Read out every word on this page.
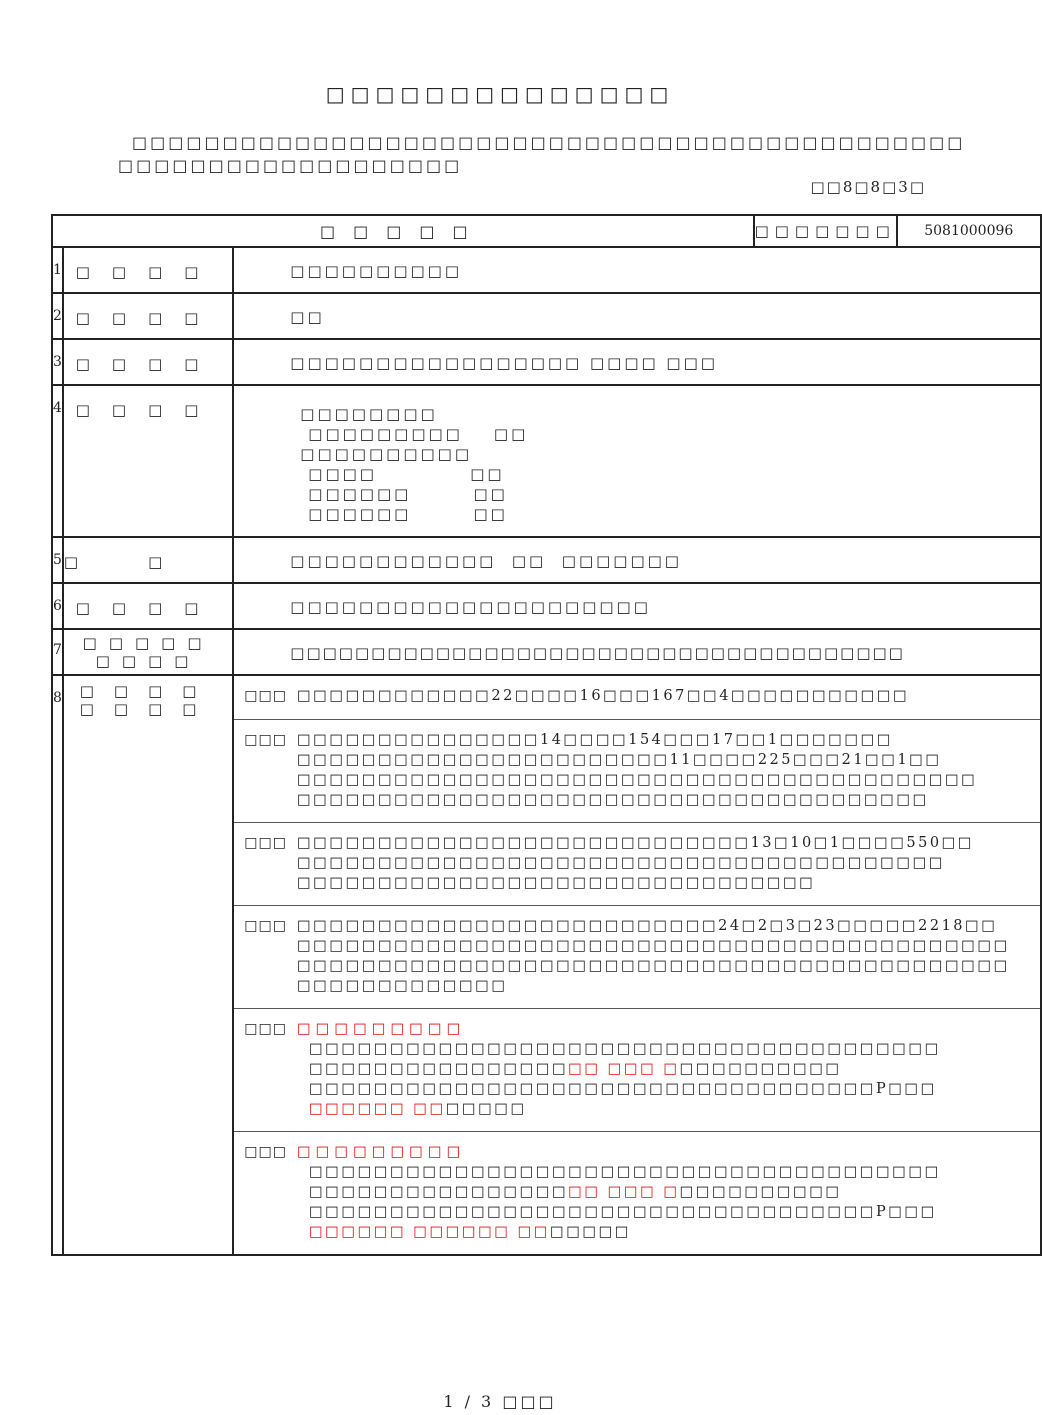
□□□□□□□□□□□□□□
□□□□□□□□□□□□□□□□□□□□□□□□□□□□□□□□□□□□□□□□□□□□□□
□□□□□□□□□□□□□□□□□□□
□□8□8□3□
□□□□□	□□□□□□□	5081000096

1	□□□□	□□□□□□□□□□
2	□□□□	□□
3	□□□□	□□□□□□□□□□□□□□□□□ □□□□ □□□
4	□□□□	□□□□□□□□
□□□□□□□□□    □□
□□□□□□□□□□
□□□□            □□
□□□□□□        □□
□□□□□□        □□

5	□□	□□□□□□□□□□□□  □□  □□□□□□□
6	□□□□	□□□□□□□□□□□□□□□□□□□□□
7	□□□□□
□□□□	□□□□□□□□□□□□□□□□□□□□□□□□□□□□□□□□□□□□□□
8	□□□□
□□□□

□□□	□□□□□□□□□□□□22□□□□16□□□167□□4□□□□□□□□□□□

□□□	□□□□□□□□□□□□□□□14□□□□154□□□17□□1□□□□□□□
□□□□□□□□□□□□□□□□□□□□□□□11□□□□225□□□21□□1□□
□□□□□□□□□□□□□□□□□□□□□□□□□□□□□□□□□□□□□□□□□□
□□□□□□□□□□□□□□□□□□□□□□□□□□□□□□□□□□□□□□□

□□□	□□□□□□□□□□□□□□□□□□□□□□□□□□□□13□10□1□□□□550□□
□□□□□□□□□□□□□□□□□□□□□□□□□□□□□□□□□□□□□□□□
□□□□□□□□□□□□□□□□□□□□□□□□□□□□□□□□

□□□	□□□□□□□□□□□□□□□□□□□□□□□□□□24□2□3□23□□□□□2218□□
□□□□□□□□□□□□□□□□□□□□□□□□□□□□□□□□□□□□□□□□□□□□
□□□□□□□□□□□□□□□□□□□□□□□□□□□□□□□□□□□□□□□□□□□□
□□□□□□□□□□□□□

□□□	□□□□□□□□□
□□□□□□□□□□□□□□□□□□□□□□□□□□□□□□□□□□□□□□□
□□□□□□□□□□□□□□□□□□ □□□ □□□□□□□□□□□
□□□□□□□□□□□□□□□□□□□□□□□□□□□□□□□□□□□P□□□
□□□□□□ □□□□□□□

□□□	□□□□□□□□□
□□□□□□□□□□□□□□□□□□□□□□□□□□□□□□□□□□□□□□□
□□□□□□□□□□□□□□□□□□ □□□ □□□□□□□□□□□
□□□□□□□□□□□□□□□□□□□□□□□□□□□□□□□□□□□P□□□
□□□□□□ □□□□□□ □□□□□□□
1 / 3 □□□
